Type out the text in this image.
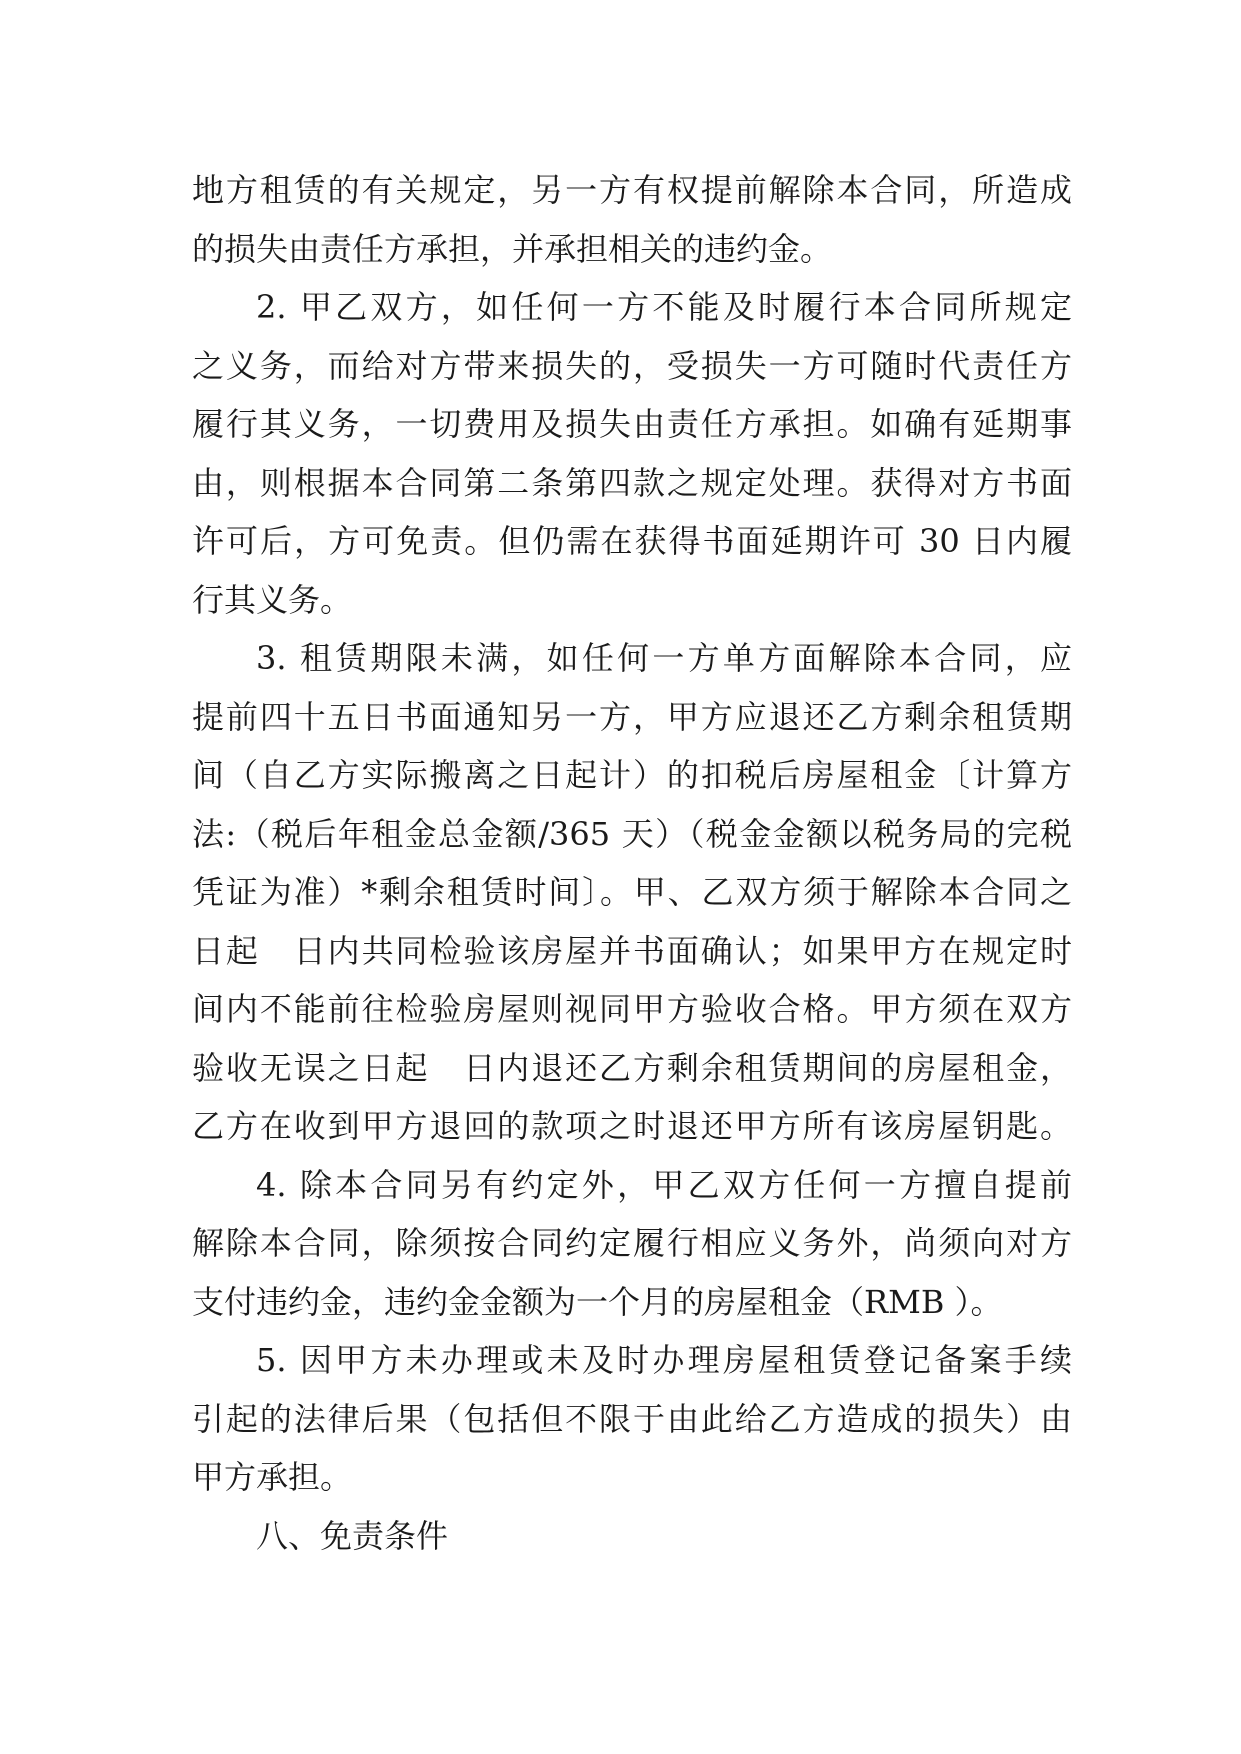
地方租赁的有关规定，另一方有权提前解除本合同，所造成
的损失由责任方承担，并承担相关的违约金。
2. 甲乙双方，如任何一方不能及时履行本合同所规定
之义务，而给对方带来损失的，受损失一方可随时代责任方
履行其义务，一切费用及损失由责任方承担。如确有延期事
由，则根据本合同第二条第四款之规定处理。获得对方书面
许可后，方可免责。但仍需在获得书面延期许可 30 日内履
行其义务。
3. 租赁期限未满，如任何一方单方面解除本合同，应
提前四十五日书面通知另一方，甲方应退还乙方剩余租赁期
间（自乙方实际搬离之日起计）的扣税后房屋租金〔计算方
法:（税后年租金总金额/365 天）（税金金额以税务局的完税
凭证为准）*剩余租赁时间〕。甲、乙双方须于解除本合同之
日起　日内共同检验该房屋并书面确认；如果甲方在规定时
间内不能前往检验房屋则视同甲方验收合格。甲方须在双方
验收无误之日起　日内退还乙方剩余租赁期间的房屋租金，
乙方在收到甲方退回的款项之时退还甲方所有该房屋钥匙。
4. 除本合同另有约定外，甲乙双方任何一方擅自提前
解除本合同，除须按合同约定履行相应义务外，尚须向对方
支付违约金，违约金金额为一个月的房屋租金（RMB ）。
5. 因甲方未办理或未及时办理房屋租赁登记备案手续
引起的法律后果（包括但不限于由此给乙方造成的损失）由
甲方承担。
八、免责条件
